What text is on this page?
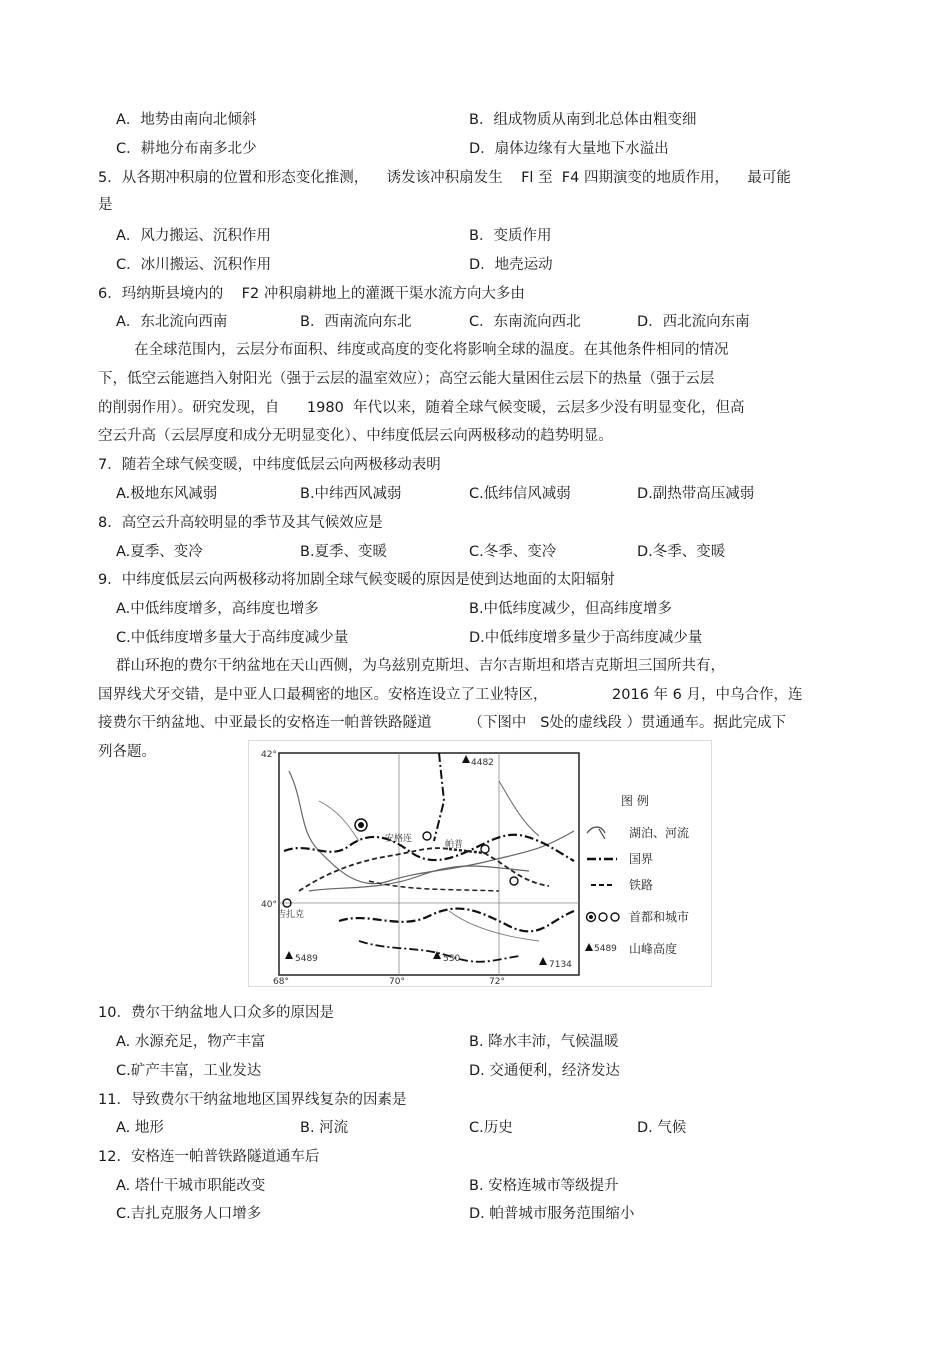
A．地势由南向北倾斜	B．组成物质从南到北总体由粗变细
C．耕地分布南多北少	D．扇体边缘有大量地下水溢出
5．从各期冲积扇的位置和形态变化推测，    诱发该冲积扇发生    Fl 至  F4 四期演变的地质作用，    最可能
是
A．风力搬运、沉积作用	B．变质作用
C．冰川搬运、沉积作用	D．地壳运动
6．玛纳斯县境内的    F2 冲积扇耕地上的灌溉干渠水流方向大多由
A．东北流向西南	B．西南流向东北	C．东南流向西北	D．西北流向东南
在全球范围内，云层分布面积、纬度或高度的变化将影响全球的温度。在其他条件相同的情况
下，低空云能遮挡入射阳光（强于云层的温室效应）；高空云能大量困住云层下的热量（强于云层
的削弱作用）。研究发现，自      1980  年代以来，随着全球气候变暖，云层多少没有明显变化，但高
空云升高（云层厚度和成分无明显变化）、中纬度低层云向两极移动的趋势明显。
7．随若全球气候变暖，中纬度低层云向两极移动表明
A.极地东风减弱	B.中纬西风减弱	C.低纬信风减弱	D.副热带高压减弱
8．高空云升高较明显的季节及其气候效应是
A.夏季、变冷	B.夏季、变暖	C.冬季、变冷	D.冬季、变暖
9．中纬度低层云向两极移动将加剧全球气候变暖的原因是使到达地面的太阳辐射
A.中低纬度增多，高纬度也增多	B.中低纬度减少，但高纬度增多
C.中低纬度增多量大于高纬度减少量	D.中低纬度增多量少于高纬度减少量
群山环抱的费尔干纳盆地在天山西侧，为乌兹别克斯坦、吉尔吉斯坦和塔吉克斯坦三国所共有，
国界线犬牙交错，是中亚人口最稠密的地区。安格连设立了工业特区，              2016 年 6 月，中乌合作，连
接费尔干纳盆地、中亚最长的安格连一帕普铁路隧道        （下图中   S处的虚线段 ）贯通通车。据此完成下
列各题。	42°
40°
68°	70°	72°
4482
5489	530
7134
安格连
帕普
吉扎克
图 例
湖泊、河流
国界
铁路
首都和城市
5489 山峰高度
10．费尔干纳盆地人口众多的原因是
A. 水源充足，物产丰富	B. 降水丰沛，气候温暖
C.矿产丰富，工业发达	D. 交通便利，经济发达
11．导致费尔干纳盆地地区国界线复杂的因素是
A. 地形	B. 河流	C.历史	D. 气候
12．安格连一帕普铁路隧道通车后
A. 塔什干城市职能改变	B. 安格连城市等级提升
C.吉扎克服务人口增多	D. 帕普城市服务范围缩小
